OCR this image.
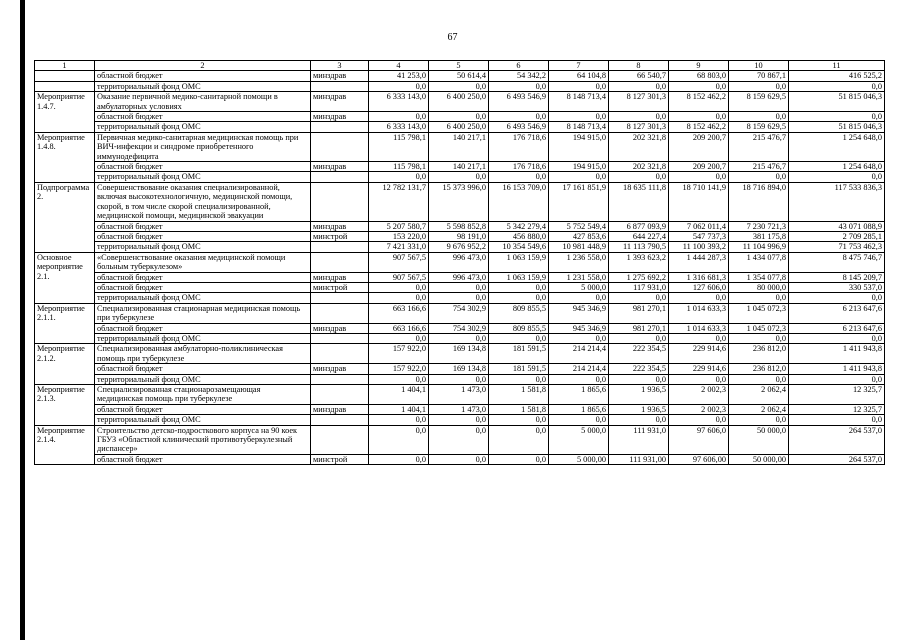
67
1	2	3	4	5	6	7	8	9	10	11
	областной бюджет	минздрав	41 253,0	50 614,4	54 342,2	64 104,8	66 540,7	68 803,0	70 867,1	416 525,2
	территориальный фонд ОМС		0,0	0,0	0,0	0,0	0,0	0,0	0,0	0,0
Мероприятие 1.4.7.	Оказание первичной медико-санитарной помощи в амбулаторных условиях	минздрав	6 333 143,0	6 400 250,0	6 493 546,9	8 148 713,4	8 127 301,3	8 152 462,2	8 159 629,5	51 815 046,3
	областной бюджет	минздрав	0,0	0,0	0,0	0,0	0,0	0,0	0,0	0,0
	территориальный фонд ОМС		6 333 143,0	6 400 250,0	6 493 546,9	8 148 713,4	8 127 301,3	8 152 462,2	8 159 629,5	51 815 046,3
Мероприятие 1.4.8.	Первичная медико-санитарная медицинская помощь при ВИЧ-инфекции и синдроме приобретенного иммунодефицита		115 798,1	140 217,1	176 718,6	194 915,0	202 321,8	209 200,7	215 476,7	1 254 648,0
	областной бюджет	минздрав	115 798,1	140 217,1	176 718,6	194 915,0	202 321,8	209 200,7	215 476,7	1 254 648,0
	территориальный фонд ОМС		0,0	0,0	0,0	0,0	0,0	0,0	0,0	0,0
Подпрограмма 2.	Совершенствование оказания специализированной, включая высокотехнологичную, медицинской помощи, скорой, в том числе скорой специализированной, медицинской помощи, медицинской эвакуации		12 782 131,7	15 373 996,0	16 153 709,0	17 161 851,9	18 635 111,8	18 710 141,9	18 716 894,0	117 533 836,3
	областной бюджет	минздрав	5 207 580,7	5 598 852,8	5 342 279,4	5 752 549,4	6 877 093,9	7 062 011,4	7 230 721,3	43 071 088,9
	областной бюджет	минстрой	153 220,0	98 191,0	456 880,0	427 853,6	644 227,4	547 737,3	381 175,8	2 709 285,1
	территориальный фонд ОМС		7 421 331,0	9 676 952,2	10 354 549,6	10 981 448,9	11 113 790,5	11 100 393,2	11 104 996,9	71 753 462,3
Основное мероприятие 2.1.	«Совершенствование оказания медицинской помощи больным туберкулезом»		907 567,5	996 473,0	1 063 159,9	1 236 558,0	1 393 623,2	1 444 287,3	1 434 077,8	8 475 746,7
	областной бюджет	минздрав	907 567,5	996 473,0	1 063 159,9	1 231 558,0	1 275 692,2	1 316 681,3	1 354 077,8	8 145 209,7
	областной бюджет	минстрой	0,0	0,0	0,0	5 000,0	117 931,0	127 606,0	80 000,0	330 537,0
	территориальный фонд ОМС		0,0	0,0	0,0	0,0	0,0	0,0	0,0	0,0
Мероприятие 2.1.1.	Специализированная стационарная медицинская помощь при туберкулезе		663 166,6	754 302,9	809 855,5	945 346,9	981 270,1	1 014 633,3	1 045 072,3	6 213 647,6
	областной бюджет	минздрав	663 166,6	754 302,9	809 855,5	945 346,9	981 270,1	1 014 633,3	1 045 072,3	6 213 647,6
	территориальный фонд ОМС		0,0	0,0	0,0	0,0	0,0	0,0	0,0	0,0
Мероприятие 2.1.2.	Специализированная амбулаторно-поликлиническая помощь при туберкулезе		157 922,0	169 134,8	181 591,5	214 214,4	222 354,5	229 914,6	236 812,0	1 411 943,8
	областной бюджет	минздрав	157 922,0	169 134,8	181 591,5	214 214,4	222 354,5	229 914,6	236 812,0	1 411 943,8
	территориальный фонд ОМС		0,0	0,0	0,0	0,0	0,0	0,0	0,0	0,0
Мероприятие 2.1.3.	Специализированная стационарозамещающая медицинская помощь при туберкулезе		1 404,1	1 473,0	1 581,8	1 865,6	1 936,5	2 002,3	2 062,4	12 325,7
	областной бюджет	минздрав	1 404,1	1 473,0	1 581,8	1 865,6	1 936,5	2 002,3	2 062,4	12 325,7
	территориальный фонд ОМС		0,0	0,0	0,0	0,0	0,0	0,0	0,0	0,0
Мероприятие 2.1.4.	Строительство детско-подросткового корпуса на 90 коек ГБУЗ «Областной клинический противотуберкулезный диспансер»		0,0	0,0	0,0	5 000,0	111 931,0	97 606,0	50 000,0	264 537,0
	областной бюджет	минстрой	0,0	0,0	0,0	5 000,00	111 931,00	97 606,00	50 000,00	264 537,0
